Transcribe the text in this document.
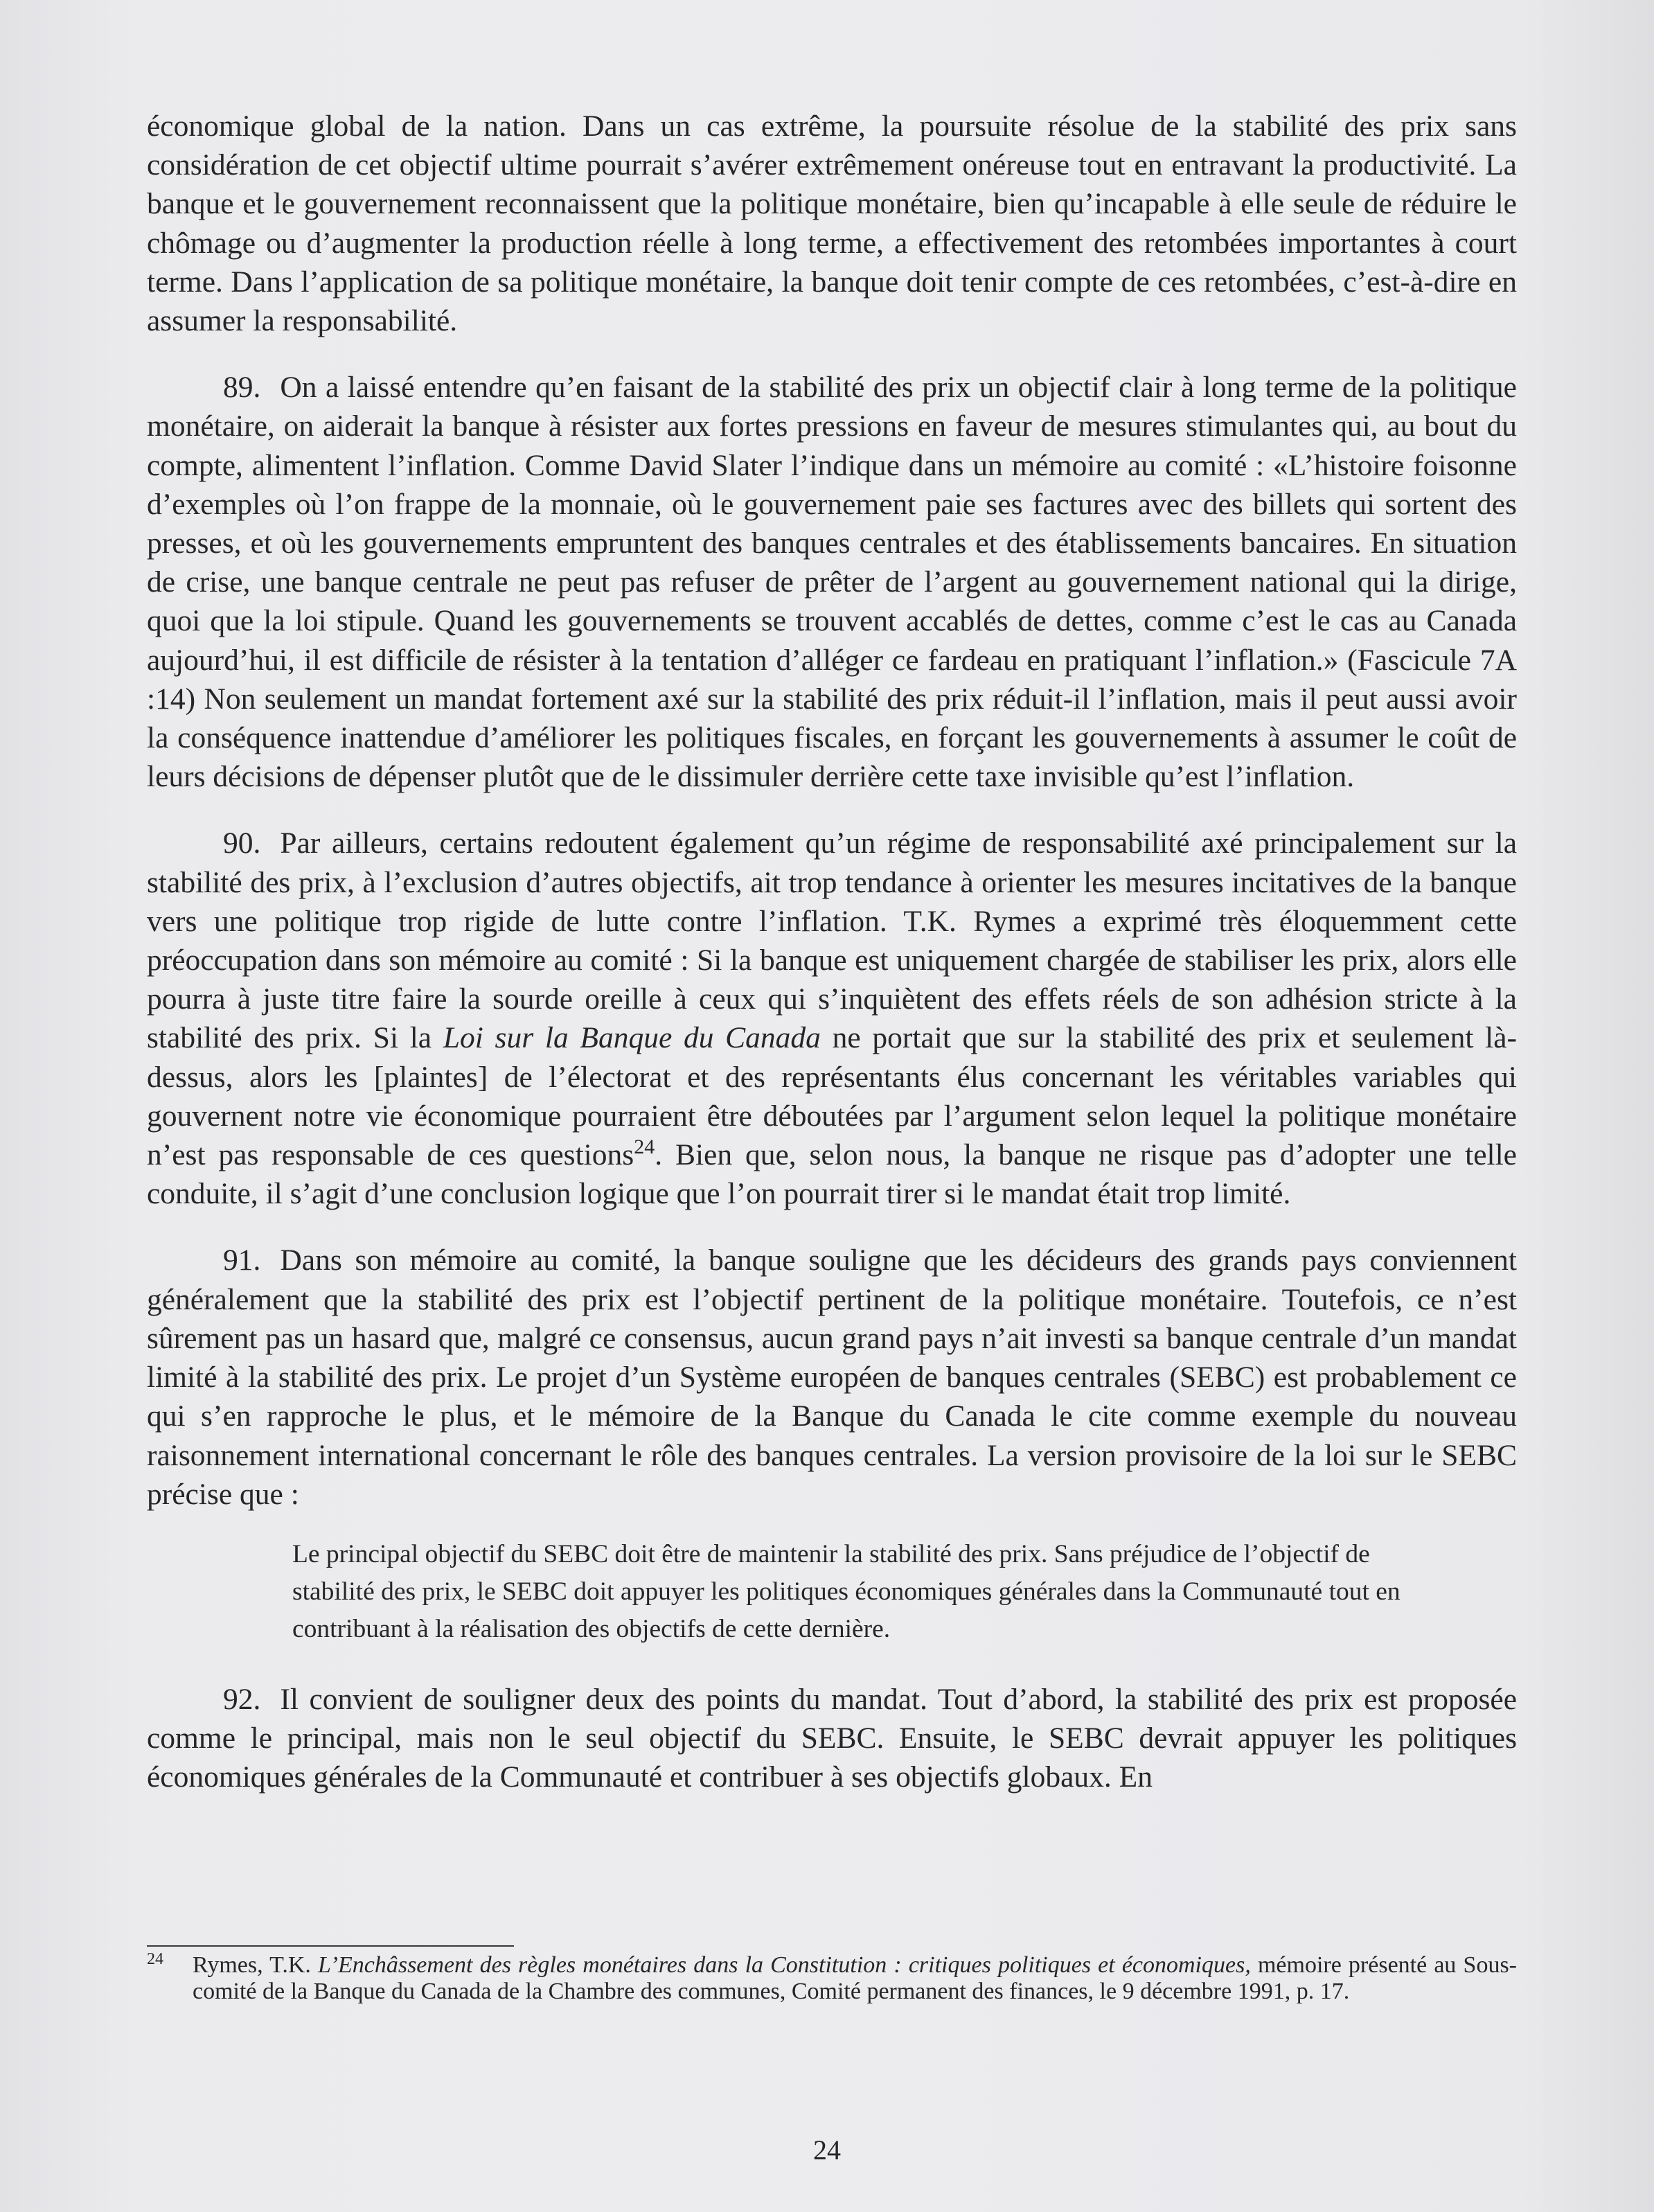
économique global de la nation. Dans un cas extrême, la poursuite résolue de la stabilité des prix sans considération de cet objectif ultime pourrait s’avérer extrêmement onéreuse tout en entravant la productivité. La banque et le gouvernement reconnaissent que la politique monétaire, bien qu’incapable à elle seule de réduire le chômage ou d’augmenter la production réelle à long terme, a effectivement des retombées importantes à court terme. Dans l’application de sa politique monétaire, la banque doit tenir compte de ces retombées, c’est-à-dire en assumer la responsabilité.

89. On a laissé entendre qu’en faisant de la stabilité des prix un objectif clair à long terme de la politique monétaire, on aiderait la banque à résister aux fortes pressions en faveur de mesures stimulantes qui, au bout du compte, alimentent l’inflation. Comme David Slater l’indique dans un mémoire au comité : «L’histoire foisonne d’exemples où l’on frappe de la monnaie, où le gouvernement paie ses factures avec des billets qui sortent des presses, et où les gouvernements empruntent des banques centrales et des établissements bancaires. En situation de crise, une banque centrale ne peut pas refuser de prêter de l’argent au gouvernement national qui la dirige, quoi que la loi stipule. Quand les gouvernements se trouvent accablés de dettes, comme c’est le cas au Canada aujourd’hui, il est difficile de résister à la tentation d’alléger ce fardeau en pratiquant l’inflation.» (Fascicule 7A :14) Non seulement un mandat fortement axé sur la stabilité des prix réduit-il l’inflation, mais il peut aussi avoir la conséquence inattendue d’améliorer les politiques fiscales, en forçant les gouvernements à assumer le coût de leurs décisions de dépenser plutôt que de le dissimuler derrière cette taxe invisible qu’est l’inflation.

90. Par ailleurs, certains redoutent également qu’un régime de responsabilité axé principalement sur la stabilité des prix, à l’exclusion d’autres objectifs, ait trop tendance à orienter les mesures incitatives de la banque vers une politique trop rigide de lutte contre l’inflation. T.K. Rymes a exprimé très éloquemment cette préoccupation dans son mémoire au comité : Si la banque est uniquement chargée de stabiliser les prix, alors elle pourra à juste titre faire la sourde oreille à ceux qui s’inquiètent des effets réels de son adhésion stricte à la stabilité des prix. Si la Loi sur la Banque du Canada ne portait que sur la stabilité des prix et seulement là-dessus, alors les [plaintes] de l’électorat et des représentants élus concernant les véritables variables qui gouvernent notre vie économique pourraient être déboutées par l’argument selon lequel la politique monétaire n’est pas responsable de ces questions$^{24}$. Bien que, selon nous, la banque ne risque pas d’adopter une telle conduite, il s’agit d’une conclusion logique que l’on pourrait tirer si le mandat était trop limité.

91. Dans son mémoire au comité, la banque souligne que les décideurs des grands pays conviennent généralement que la stabilité des prix est l’objectif pertinent de la politique monétaire. Toutefois, ce n’est sûrement pas un hasard que, malgré ce consensus, aucun grand pays n’ait investi sa banque centrale d’un mandat limité à la stabilité des prix. Le projet d’un Système européen de banques centrales (SEBC) est probablement ce qui s’en rapproche le plus, et le mémoire de la Banque du Canada le cite comme exemple du nouveau raisonnement international concernant le rôle des banques centrales. La version provisoire de la loi sur le SEBC précise que :

Le principal objectif du SEBC doit être de maintenir la stabilité des prix. Sans préjudice de l’objectif de stabilité des prix, le SEBC doit appuyer les politiques économiques générales dans la Communauté tout en contribuant à la réalisation des objectifs de cette dernière.

92. Il convient de souligner deux des points du mandat. Tout d’abord, la stabilité des prix est proposée comme le principal, mais non le seul objectif du SEBC. Ensuite, le SEBC devrait appuyer les politiques économiques générales de la Communauté et contribuer à ses objectifs globaux. En

24 Rymes, T.K. L’Enchâssement des règles monétaires dans la Constitution : critiques politiques et économiques, mémoire présenté au Sous-comité de la Banque du Canada de la Chambre des communes, Comité permanent des finances, le 9 décembre 1991, p. 17.
24
